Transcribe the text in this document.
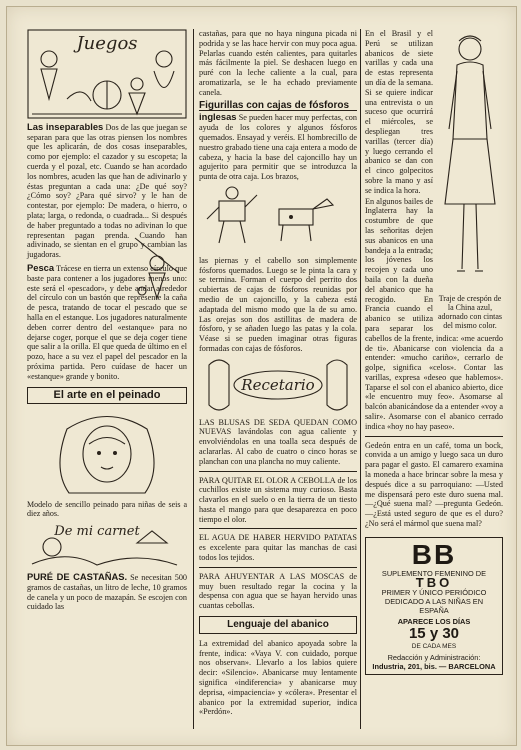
Juegos

Las inseparables Dos de las que juegan se separan para que las otras piensen los nombres que les aplicarán, de dos cosas inseparables, como por ejemplo: el cazador y su escopeta; la cuerda y el pozal, etc. Cuando se han acordado los nombres, acuden las que han de adivinarlo y éstas preguntan a cada una: ¿De qué soy? ¿Cómo soy? ¿Para qué sirvo? y le han de contestar, por ejemplo: De madera, o hierro, o plata; larga, o redonda, o cuadrada... Si después de haber preguntado a todas no adivinan lo que representan pagan prenda. Cuando han adivinado, se sientan en el grupo y cambian las jugadoras.

Pesca Trácese en tierra un extenso círculo que baste para contener a los jugadores menos uno: este será el «pescador», y debe andar alrededor del círculo con un bastón que represente la caña de pesca, tratando de tocar el pescado que se halla en el estanque. Los jugadores naturalmente deben correr dentro del «estanque» para no dejarse coger, porque el que se deja coger tiene que salir a la orilla. El que queda de último en el pozo, hace a su vez el papel del pescador en la próxima partida. Pero cuídase de hacer un «estanque» grande y bonito.

El arte en el peinado

Modelo de sencillo peinado para niñas de seis a diez años.

De mi carnet

PURÉ DE CASTAÑAS. Se necesitan 500 gramos de castañas, un litro de leche, 10 gramos de canela y un poco de mazapán. Se escojen con cuidado las

castañas, para que no haya ninguna picada ni podrida y se las hace hervir con muy poca agua. Pelarlas cuando estén calientes, para quitarles más fácilmente la piel. Se deshacen luego en puré con la leche caliente a la cual, para aromatizarla, se le ha echado previamente canela.

Figurillas con cajas de fósforos

inglesas Se pueden hacer muy perfectas, con ayuda de los colores y algunos fósforos quemados. Ensayad y veréis. El hombrecillo de nuestro grabado tiene una caja entera a modo de cabeza, y hacia la base del cajoncillo hay un agujerito para permitir que se introduzca la punta de otra caja. Los brazos,

las piernas y el cabello son simplemente fósforos quemados. Luego se le pinta la cara y se termina. Forman el cuerpo del perrito dos cubiertas de cajas de fósforos reunidas por medio de un cajoncillo, y la cabeza está adaptada del mismo modo que la de su amo. Las orejas son dos astillitas de madera de fósforo, y se añaden luego las patas y la cola. Véase si se pueden imaginar otras figuras formadas con cajas de fósforos.

Recetario

LAS BLUSAS DE SEDA QUEDAN COMO NUEVAS lavándolas con agua caliente y envolviéndolas en una toalla seca después de aclararlas. Al cabo de cuatro o cinco horas se planchan con una plancha no muy caliente.

PARA QUITAR EL OLOR A CEBOLLA de los cuchillos existe un sistema muy curioso. Basta clavarlos en el suelo o en la tierra de un tiesto hasta el mango para que desaparezca en poco tiempo el olor.

EL AGUA DE HABER HERVIDO PATATAS es excelente para quitar las manchas de casi todos los tejidos.

PARA AHUYENTAR A LAS MOSCAS de muy buen resultado regar la cocina y la despensa con agua que se hayan hervido unas cuantas cebollas.

Lenguaje del abanico

La extremidad del abanico apoyada sobre la frente, indica: «Vaya V. con cuidado, porque nos observan». Llevarlo a los labios quiere decir: «Silencio». Abanicarse muy lentamente significa «indiferencia» y abanicarse muy deprisa, «impaciencia» y «cólera». Presentar el abanico por la extremidad superior, indica «Perdón».

Traje de crespón de la China azul, adornado con cintas del mismo color.

En el Brasil y el Perú se utilizan abanicos de siete varillas y cada una de estas representa un día de la semana. Si se quiere indicar una entrevista o un suceso que ocurrirá el miércoles, se despliegan tres varillas (tercer día) y luego cerrando el abanico se dan con el cinco golpecitos sobre la mano y así se indica la hora.

En algunos bailes de Inglaterra hay la costumbre de que las señoritas dejen sus abanicos en una bandeja a la entrada; los jóvenes los recojen y cada uno baila con la dueña del abanico que ha recogido. En Francia cuando el abanico se utiliza para separar los cabellos de la frente, indica: «me acuerdo de ti». Abanicarse con violencia da a entender: «mucho cariño», cerrarlo de golpe, significa «celos». Contar las varillas, expresa «deseo que hablemos». Taparse el sol con el abanico abierto, dice «le encuentro muy feo». Asomarse al balcón abanicándose da a entender «voy a salir». Asomarse con el abanico cerrado indica «hoy no hay paseo».

Gedeón entra en un café, toma un bock, convida a un amigo y luego saca un duro para pagar el gasto. El camarero examina la moneda a hace brincar sobre la mesa y después dice a su parroquiano: —Usted me dispensará pero este duro suena mal. —¿Qué suena mal? —pregunta Gedeón. —¿Está usted seguro de que es el duro? ¿No será el mármol que suena mal?

BB
SUPLEMENTO FEMENINO DE
TBO
PRIMER Y ÚNICO PERIÓDICO DEDICADO A LAS NIÑAS EN ESPAÑA
APARECE LOS DÍAS
15 y 30
DE CADA MES
Redacción y Administración:
Industria, 201, bis. — BARCELONA
